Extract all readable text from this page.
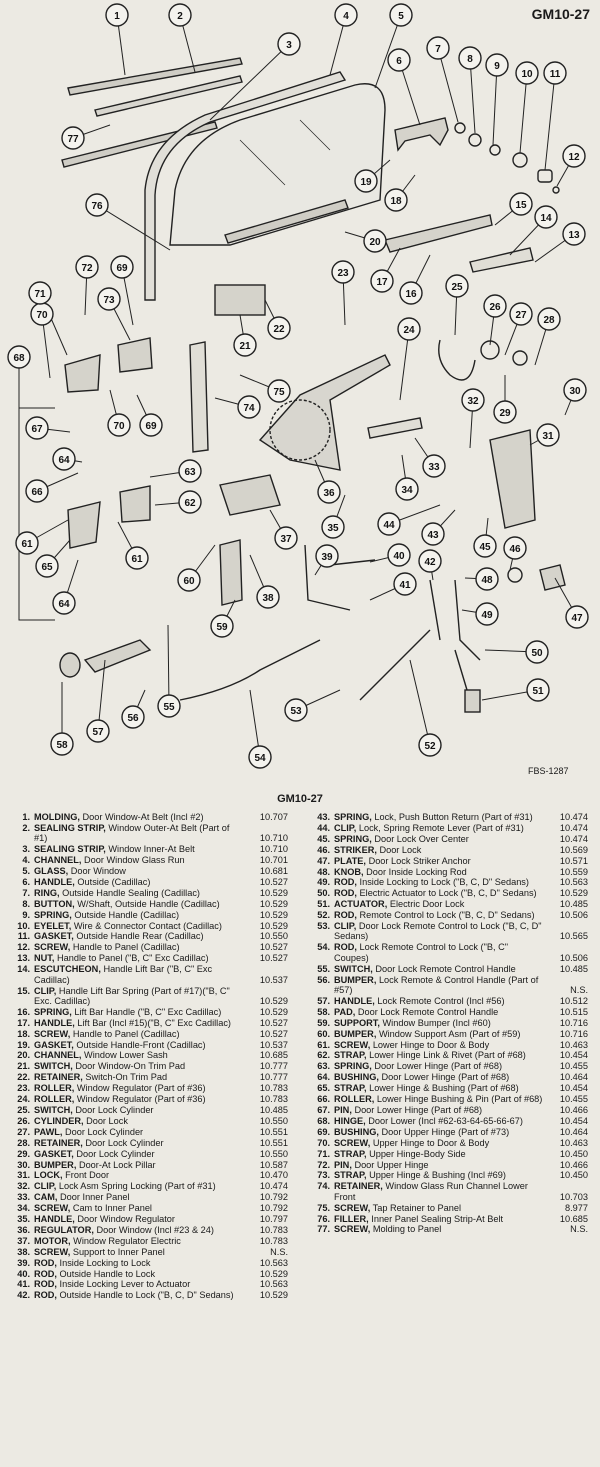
GM10-27
1	2
3
4	5
6
7
8
9
10 11
12
13
14
15
16
17
18
19
20
21
22
23
24
25
26
27 28
29
30
31
32
33
34
35
36
37
38
39	40
41
42
43
44
45 46
47
48
49
50
51
52
53
54
55
56
57
58
59
60
61
61
62
63
64
64
65
66
67
68
69
69
70
70
71
72
73
74
75
76
77
FBS-1287
GM10-27
1. MOLDING, Door Window-At Belt (Incl #2)	10.707
2. SEALING STRIP, Window Outer-At Belt (Part of #1)	10.710
3. SEALING STRIP, Window Inner-At Belt	10.710
4. CHANNEL, Door Window Glass Run	10.701
5. GLASS, Door Window	10.681
6. HANDLE, Outside (Cadillac)	10.527
7. RING, Outside Handle Sealing (Cadillac)	10.529
8. BUTTON, W/Shaft, Outside Handle (Cadillac)	10.529
9. SPRING, Outside Handle (Cadillac)	10.529
10. EYELET, Wire & Connector Contact (Cadillac)	10.529
11. GASKET, Outside Handle Rear (Cadillac)	10.550
12. SCREW, Handle to Panel (Cadillac)	10.527
13. NUT, Handle to Panel ("B, C" Exc Cadillac)	10.527
14. ESCUTCHEON, Handle Lift Bar ("B, C" Exc Cadillac)	10.537
15. CLIP, Handle Lift Bar Spring (Part of #17)("B, C" Exc. Cadillac)	10.529
16. SPRING, Lift Bar Handle ("B, C" Exc Cadillac)	10.529
17. HANDLE, Lift Bar (Incl #15)("B, C" Exc Cadillac)	10.527
18. SCREW, Handle to Panel (Cadillac)	10.527
19. GASKET, Outside Handle-Front (Cadillac)	10.537
20. CHANNEL, Window Lower Sash	10.685
21. SWITCH, Door Window-On Trim Pad	10.777
22. RETAINER, Switch-On Trim Pad	10.777
23. ROLLER, Window Regulator (Part of #36)	10.783
24. ROLLER, Window Regulator (Part of #36)	10.783
25. SWITCH, Door Lock Cylinder	10.485
26. CYLINDER, Door Lock	10.550
27. PAWL, Door Lock Cylinder	10.551
28. RETAINER, Door Lock Cylinder	10.551
29. GASKET, Door Lock Cylinder	10.550
30. BUMPER, Door-At Lock Pillar	10.587
31. LOCK, Front Door	10.470
32. CLIP, Lock Asm Spring Locking (Part of #31)	10.474
33. CAM, Door Inner Panel	10.792
34. SCREW, Cam to Inner Panel	10.792
35. HANDLE, Door Window Regulator	10.797
36. REGULATOR, Door Window (Incl #23 & 24)	10.783
37. MOTOR, Window Regulator Electric	10.783
38. SCREW, Support to Inner Panel	N.S.
39. ROD, Inside Locking to Lock	10.563
40. ROD, Outside Handle to Lock	10.529
41. ROD, Inside Locking Lever to Actuator	10.563
42. ROD, Outside Handle to Lock ("B, C, D" Sedans)	10.529
43. SPRING, Lock, Push Button Return (Part of #31)	10.474
44. CLIP, Lock, Spring Remote Lever (Part of #31)	10.474
45. SPRING, Door Lock Over Center	10.474
46. STRIKER, Door Lock	10.569
47. PLATE, Door Lock Striker Anchor	10.571
48. KNOB, Door Inside Locking Rod	10.559
49. ROD, Inside Locking to Lock ("B, C, D" Sedans)	10.563
50. ROD, Electric Actuator to Lock ("B, C, D" Sedans)	10.529
51. ACTUATOR, Electric Door Lock	10.485
52. ROD, Remote Control to Lock ("B, C, D" Sedans)	10.506
53. CLIP, Door Lock Remote Control to Lock ("B, C, D" Sedans)	10.565
54. ROD, Lock Remote Control to Lock ("B, C" Coupes)	10.506
55. SWITCH, Door Lock Remote Control Handle	10.485
56. BUMPER, Lock Remote & Control Handle (Part of #57)	N.S.
57. HANDLE, Lock Remote Control (Incl #56)	10.512
58. PAD, Door Lock Remote Control Handle	10.515
59. SUPPORT, Window Bumper (Incl #60)	10.716
60. BUMPER, Window Support Asm (Part of #59)	10.716
61. SCREW, Lower Hinge to Door & Body	10.463
62. STRAP, Lower Hinge Link & Rivet (Part of #68)	10.454
63. SPRING, Door Lower Hinge (Part of #68)	10.455
64. BUSHING, Door Lower Hinge (Part of #68)	10.464
65. STRAP, Lower Hinge & Bushing (Part of #68)	10.454
66. ROLLER, Lower Hinge Bushing & Pin (Part of #68)	10.455
67. PIN, Door Lower Hinge (Part of #68)	10.466
68. HINGE, Door Lower (Incl #62-63-64-65-66-67)	10.454
69. BUSHING, Door Upper Hinge (Part of #73)	10.464
70. SCREW, Upper Hinge to Door & Body	10.463
71. STRAP, Upper Hinge-Body Side	10.450
72. PIN, Door Upper Hinge	10.466
73. STRAP, Upper Hinge & Bushing (Incl #69)	10.450
74. RETAINER, Window Glass Run Channel Lower Front	10.703
75. SCREW, Tap Retainer to Panel	8.977
76. FILLER, Inner Panel Sealing Strip-At Belt	10.685
77. SCREW, Molding to Panel	N.S.
